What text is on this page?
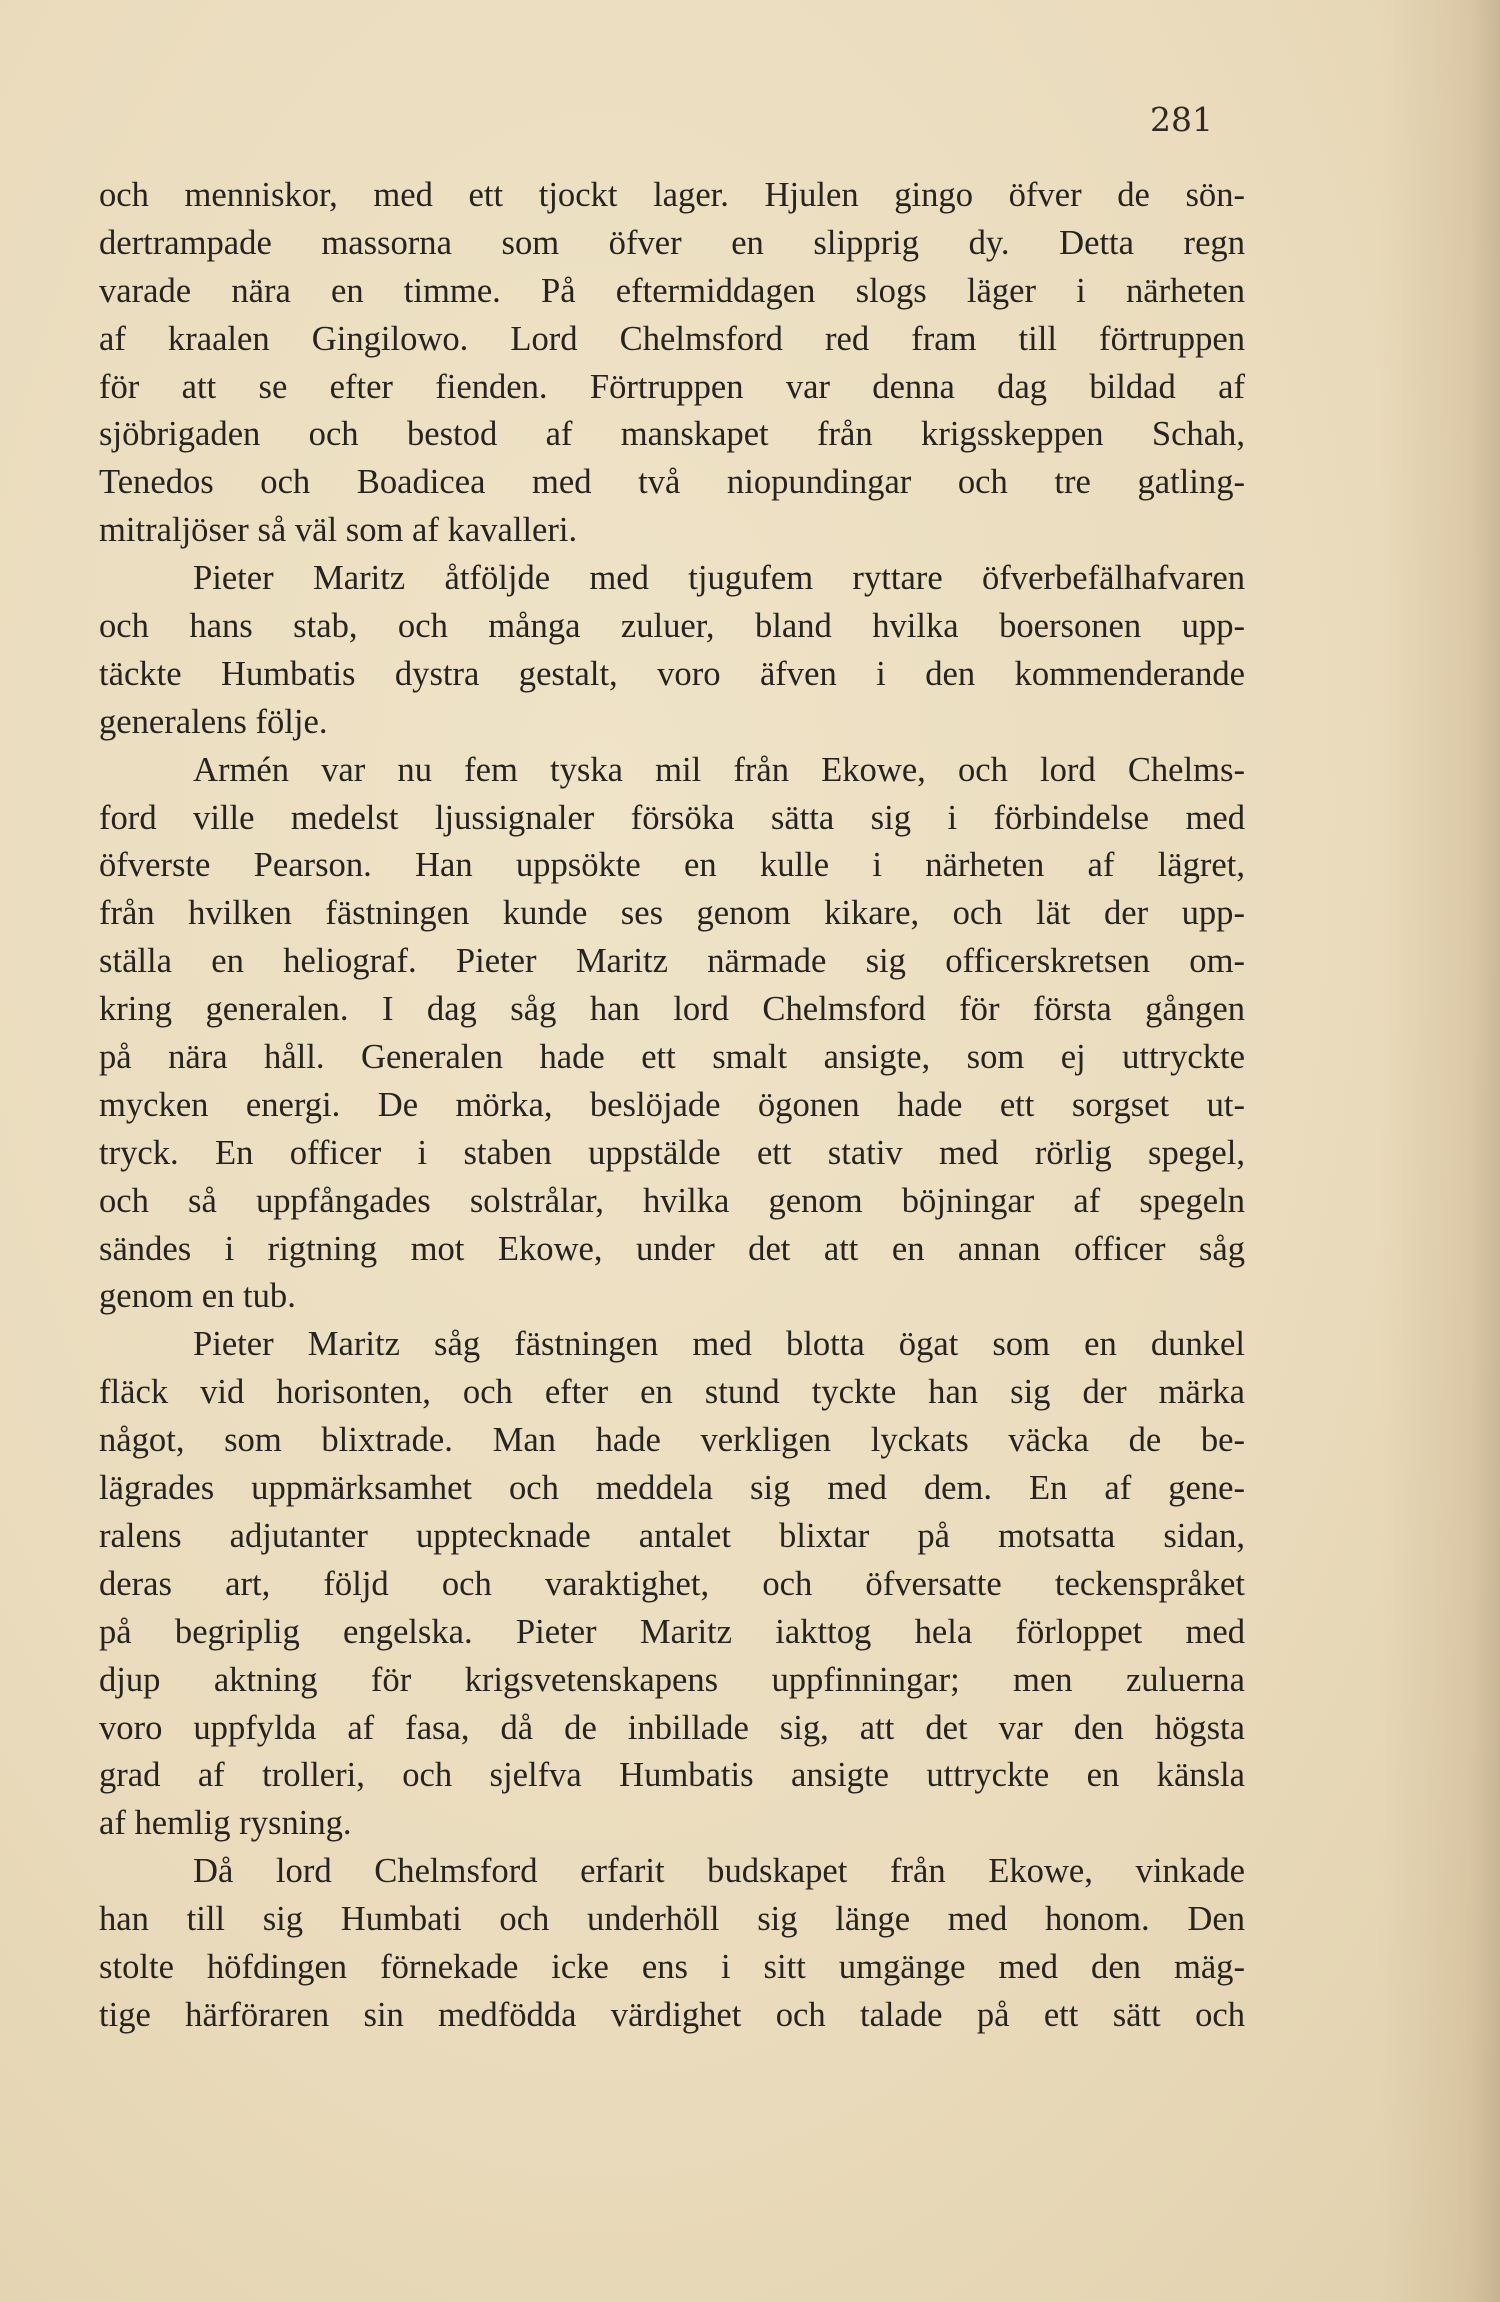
281
och menniskor, med ett tjockt lager. Hjulen gingo öfver de sön-
dertrampade massorna som öfver en slipprig dy. Detta regn
varade nära en timme. På eftermiddagen slogs läger i närheten
af kraalen Gingilowo. Lord Chelmsford red fram till förtruppen
för att se efter fienden. Förtruppen var denna dag bildad af
sjöbrigaden och bestod af manskapet från krigsskeppen Schah,
Tenedos och Boadicea med två niopundingar och tre gatling-
mitraljöser så väl som af kavalleri.
Pieter Maritz åtföljde med tjugufem ryttare öfverbefälhafvaren
och hans stab, och många zuluer, bland hvilka boersonen upp-
täckte Humbatis dystra gestalt, voro äfven i den kommenderande
generalens följe.
Armén var nu fem tyska mil från Ekowe, och lord Chelms-
ford ville medelst ljussignaler försöka sätta sig i förbindelse med
öfverste Pearson. Han uppsökte en kulle i närheten af lägret,
från hvilken fästningen kunde ses genom kikare, och lät der upp-
ställa en heliograf. Pieter Maritz närmade sig officerskretsen om-
kring generalen. I dag såg han lord Chelmsford för första gången
på nära håll. Generalen hade ett smalt ansigte, som ej uttryckte
mycken energi. De mörka, beslöjade ögonen hade ett sorgset ut-
tryck. En officer i staben uppstälde ett stativ med rörlig spegel,
och så uppfångades solstrålar, hvilka genom böjningar af spegeln
sändes i rigtning mot Ekowe, under det att en annan officer såg
genom en tub.
Pieter Maritz såg fästningen med blotta ögat som en dunkel
fläck vid horisonten, och efter en stund tyckte han sig der märka
något, som blixtrade. Man hade verkligen lyckats väcka de be-
lägrades uppmärksamhet och meddela sig med dem. En af gene-
ralens adjutanter upptecknade antalet blixtar på motsatta sidan,
deras art, följd och varaktighet, och öfversatte teckenspråket
på begriplig engelska. Pieter Maritz iakttog hela förloppet med
djup aktning för krigsvetenskapens uppfinningar; men zuluerna
voro uppfylda af fasa, då de inbillade sig, att det var den högsta
grad af trolleri, och sjelfva Humbatis ansigte uttryckte en känsla
af hemlig rysning.
Då lord Chelmsford erfarit budskapet från Ekowe, vinkade
han till sig Humbati och underhöll sig länge med honom. Den
stolte höfdingen förnekade icke ens i sitt umgänge med den mäg-
tige härföraren sin medfödda värdighet och talade på ett sätt och
